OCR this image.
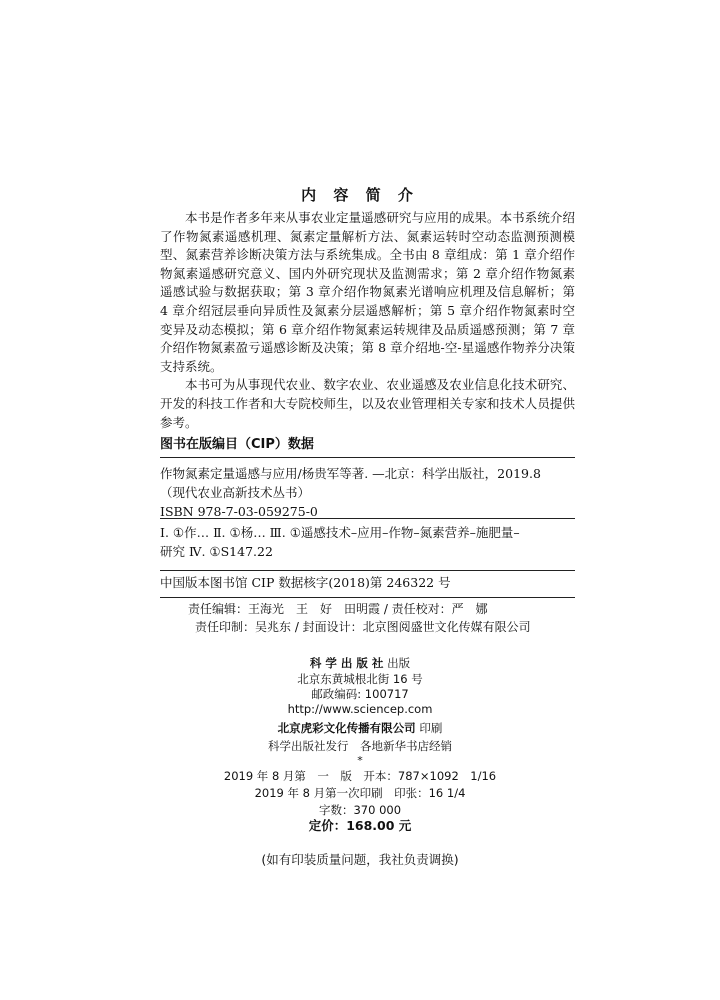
内 容 简 介

本书是作者多年来从事农业定量遥感研究与应用的成果。本书系统介绍了作物氮素遥感机理、氮素定量解析方法、氮素运转时空动态监测预测模型、氮素营养诊断决策方法与系统集成。全书由 8 章组成：第 1 章介绍作物氮素遥感研究意义、国内外研究现状及监测需求；第 2 章介绍作物氮素遥感试验与数据获取；第 3 章介绍作物氮素光谱响应机理及信息解析；第 4 章介绍冠层垂向异质性及氮素分层遥感解析；第 5 章介绍作物氮素时空变异及动态模拟；第 6 章介绍作物氮素运转规律及品质遥感预测；第 7 章介绍作物氮素盈亏遥感诊断及决策；第 8 章介绍地-空-星遥感作物养分决策支持系统。

本书可为从事现代农业、数字农业、农业遥感及农业信息化技术研究、开发的科技工作者和大专院校师生，以及农业管理相关专家和技术人员提供参考。

图书在版编目（CIP）数据
作物氮素定量遥感与应用/杨贵军等著. —北京：科学出版社，2019.8
（现代农业高新技术丛书）
ISBN 978-7-03-059275-0
Ⅰ. ①作… Ⅱ. ①杨… Ⅲ. ①遥感技术–应用–作物–氮素营养–施肥量–
研究 Ⅳ. ①S147.22
中国版本图书馆 CIP 数据核字(2018)第 246322 号
责任编辑：王海光　王　好　田明霞 / 责任校对：严　娜
责任印制：吴兆东 / 封面设计：北京图阅盛世文化传媒有限公司
科 学 出 版 社 出版
北京东黄城根北街 16 号
邮政编码: 100717
http://www.sciencep.com
北京虎彩文化传播有限公司 印刷
科学出版社发行　各地新华书店经销
*
2019 年 8 月第　一　版　开本：787×1092　1/16
2019 年 8 月第一次印刷　印张：16 1/4
字数：370 000
定价：168.00 元
(如有印装质量问题，我社负责调换)
